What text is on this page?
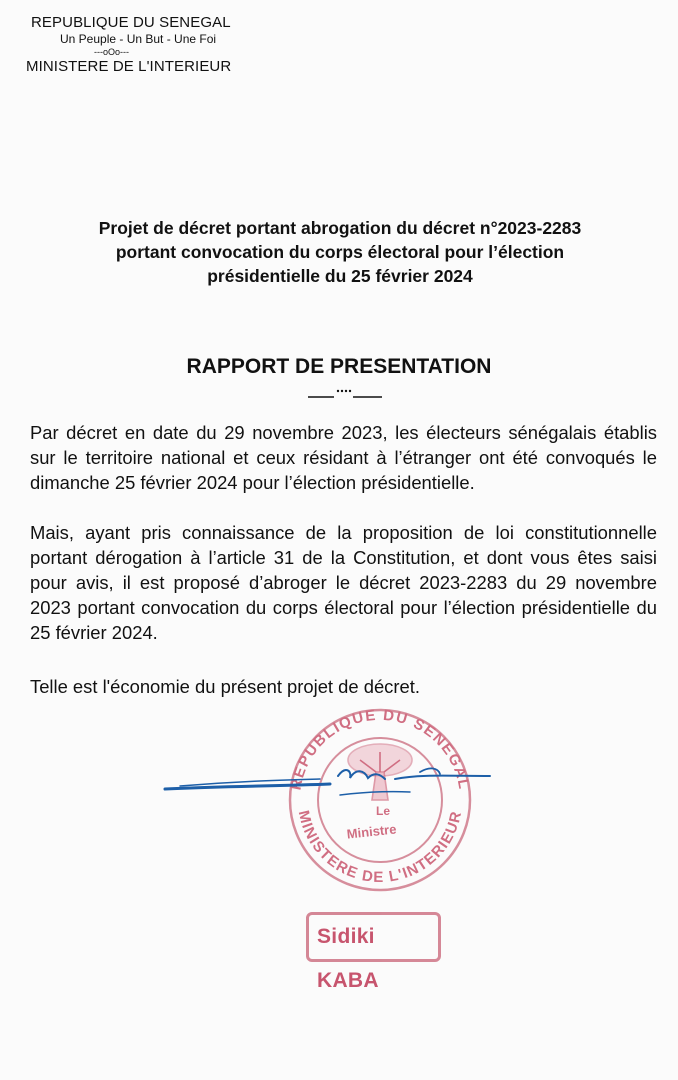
REPUBLIQUE DU SENEGAL
Un Peuple - Un But - Une Foi
---oOo---
MINISTERE DE L'INTERIEUR
Projet de décret portant abrogation du décret n°2023-2283
portant convocation du corps électoral pour l’élection
présidentielle du 25 février 2024
RAPPORT DE PRESENTATION

Par décret en date du 29 novembre 2023, les électeurs sénégalais établis sur le territoire national et ceux résidant à l’étranger ont été convoqués le dimanche 25 février 2024 pour l’élection présidentielle.

Mais, ayant pris connaissance de la proposition de loi constitutionnelle portant dérogation à l’article 31 de la Constitution, et dont vous êtes saisi pour avis, il est proposé d’abroger le décret 2023-2283 du 29 novembre 2023 portant convocation du corps électoral pour l’élection présidentielle du 25 février 2024.

Telle est l'économie du présent projet de décret.

REPUBLIQUE DU SENEGAL
MINISTERE DE L'INTERIEUR
Le
Ministre
Sidiki KABA
